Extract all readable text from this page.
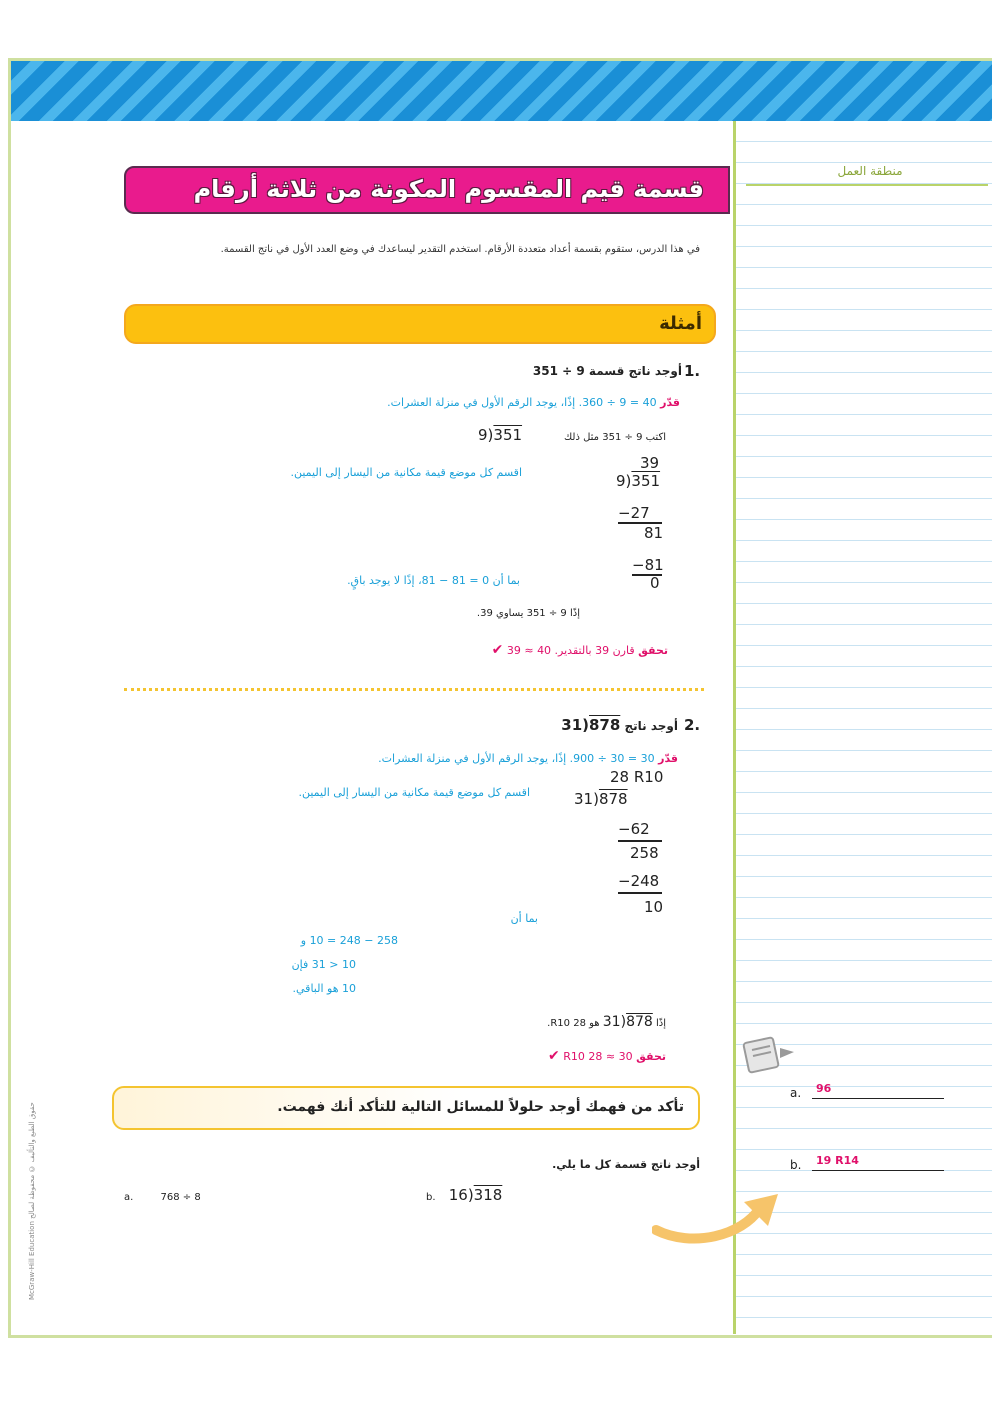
منطقة العمل
قسمة قيم المقسوم المكونة من ثلاثة أرقام
في هذا الدرس، ستقوم بقسمة أعداد متعددة الأرقام. استخدم التقدير ليساعدك في وضع العدد الأول في ناتج القسمة.
أمثلة
1.
أوجد ناتج قسمة 9 ÷ 351
قدّر 40 = 9 ÷ 360. إذًا، يوجد الرقم الأول في منزلة العشرات.
اكتب 9 ÷ 351 مثل ذلك
9)351
39
9)351
اقسم كل موضع قيمة مكانية من اليسار إلى اليمين.
−27
81
−81
0
بما أن 0 = 81 − 81، إذًا لا يوجد باقٍ.
إذًا 9 ÷ 351 يساوي 39.
تحقق قارن 39 بالتقدير. 40 ≈ 39 ✔
2.
أوجد ناتج 31)878
قدّر 30 = 30 ÷ 900. إذًا، يوجد الرقم الأول في منزلة العشرات.
28 R10
31)878
اقسم كل موضع قيمة مكانية من اليسار إلى اليمين.
−62
258
−248
10
بما أن
258 − 248 = 10 و
10 < 31 فإن
10 هو الباقي.
إذًا 31)878 هو 28 R10.
تحقق 30 ≈ 28 R10 ✔
تأكد من فهمك أوجد حلولاً للمسائل التالية للتأكد أنك فهمت.
أوجد ناتج قسمة كل ما يلي.
a.	768 ÷ 8	b. 16)318
a. 96
b. 19 R14
McGraw-Hill Education حقوق الطبع والتأليف © محفوظة لصالح
